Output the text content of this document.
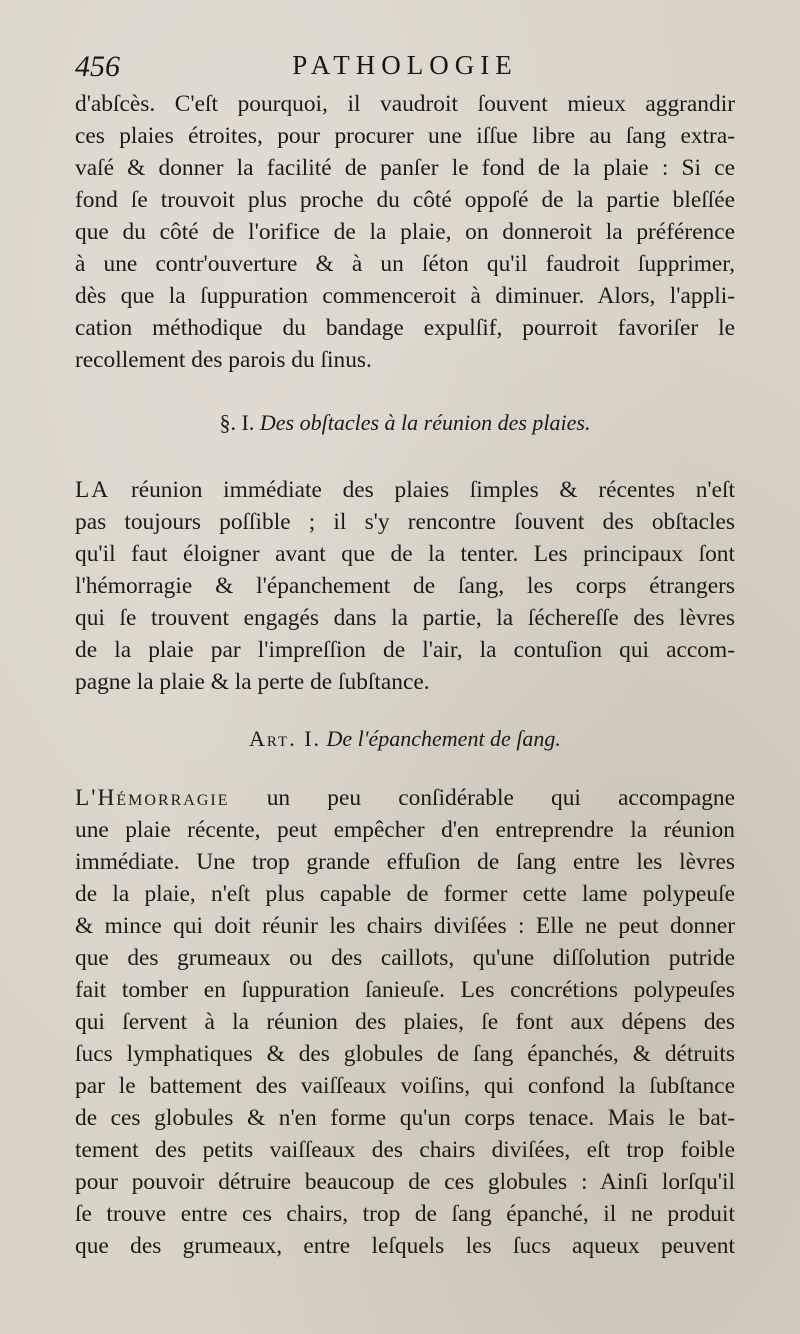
456	PATHOLOGIE
d'abſcès. C'eſt pourquoi, il vaudroit ſouvent mieux aggrandir
ces plaies étroites, pour procurer une iſſue libre au ſang extra-
vaſé & donner la facilité de panſer le fond de la plaie : Si ce
fond ſe trouvoit plus proche du côté oppoſé de la partie bleſſée
que du côté de l'orifice de la plaie, on donneroit la préférence
à une contr'ouverture & à un ſéton qu'il faudroit ſupprimer,
dès que la ſuppuration commenceroit à diminuer. Alors, l'appli-
cation méthodique du bandage expulſif, pourroit favoriſer le
recollement des parois du ſinus.
§. I. Des obſtacles à la réunion des plaies.
LA réunion immédiate des plaies ſimples & récentes n'eſt
pas toujours poſſible ; il s'y rencontre ſouvent des obſtacles
qu'il faut éloigner avant que de la tenter. Les principaux ſont
l'hémorragie & l'épanchement de ſang, les corps étrangers
qui ſe trouvent engagés dans la partie, la ſéchereſſe des lèvres
de la plaie par l'impreſſion de l'air, la contuſion qui accom-
pagne la plaie & la perte de ſubſtance.
Art. I. De l'épanchement de ſang.
L'Hémorragie un peu conſidérable qui accompagne
une plaie récente, peut empêcher d'en entreprendre la réunion
immédiate. Une trop grande effuſion de ſang entre les lèvres
de la plaie, n'eſt plus capable de former cette lame polypeuſe
& mince qui doit réunir les chairs diviſées : Elle ne peut donner
que des grumeaux ou des caillots, qu'une diſſolution putride
fait tomber en ſuppuration ſanieuſe. Les concrétions polypeuſes
qui ſervent à la réunion des plaies, ſe font aux dépens des
ſucs lymphatiques & des globules de ſang épanchés, & détruits
par le battement des vaiſſeaux voiſins, qui confond la ſubſtance
de ces globules & n'en forme qu'un corps tenace. Mais le bat-
tement des petits vaiſſeaux des chairs diviſées, eſt trop foible
pour pouvoir détruire beaucoup de ces globules : Ainſi lorſqu'il
ſe trouve entre ces chairs, trop de ſang épanché, il ne produit
que des grumeaux, entre leſquels les ſucs aqueux peuvent
